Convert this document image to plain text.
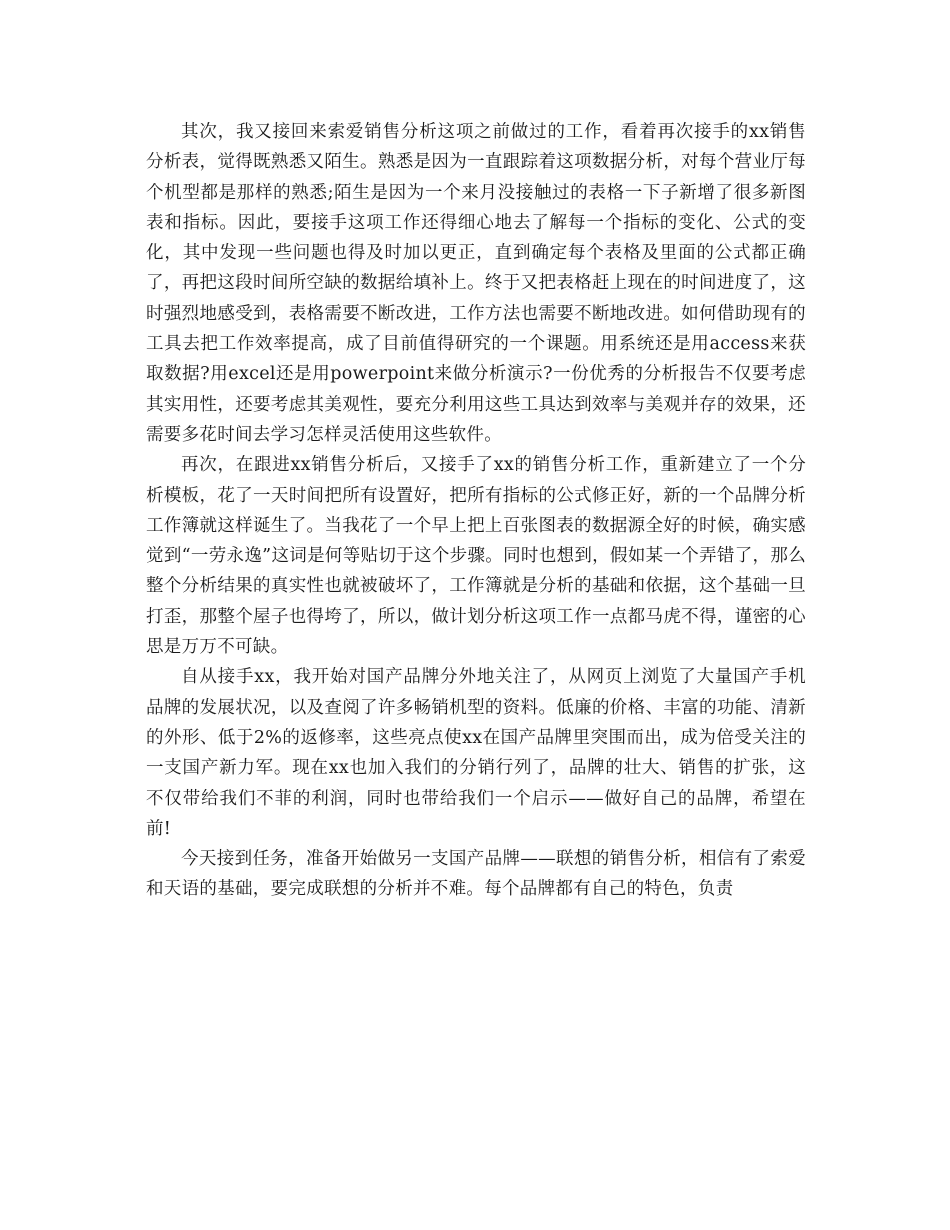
其次，我又接回来索爱销售分析这项之前做过的工作，看着再次接手的xx销售分析表，觉得既熟悉又陌生。熟悉是因为一直跟踪着这项数据分析，对每个营业厅每个机型都是那样的熟悉;陌生是因为一个来月没接触过的表格一下子新增了很多新图表和指标。因此，要接手这项工作还得细心地去了解每一个指标的变化、公式的变化，其中发现一些问题也得及时加以更正，直到确定每个表格及里面的公式都正确了，再把这段时间所空缺的数据给填补上。终于又把表格赶上现在的时间进度了，这时强烈地感受到，表格需要不断改进，工作方法也需要不断地改进。如何借助现有的工具去把工作效率提高，成了目前值得研究的一个课题。用系统还是用access来获取数据?用excel还是用powerpoint来做分析演示?一份优秀的分析报告不仅要考虑其实用性，还要考虑其美观性，要充分利用这些工具达到效率与美观并存的效果，还需要多花时间去学习怎样灵活使用这些软件。

再次，在跟进xx销售分析后，又接手了xx的销售分析工作，重新建立了一个分析模板，花了一天时间把所有设置好，把所有指标的公式修正好，新的一个品牌分析工作簿就这样诞生了。当我花了一个早上把上百张图表的数据源全好的时候，确实感觉到“一劳永逸”这词是何等贴切于这个步骤。同时也想到，假如某一个弄错了，那么整个分析结果的真实性也就被破坏了，工作簿就是分析的基础和依据，这个基础一旦打歪，那整个屋子也得垮了，所以，做计划分析这项工作一点都马虎不得，谨密的心思是万万不可缺。

自从接手xx，我开始对国产品牌分外地关注了，从网页上浏览了大量国产手机品牌的发展状况，以及查阅了许多畅销机型的资料。低廉的价格、丰富的功能、清新的外形、低于2%的返修率，这些亮点使xx在国产品牌里突围而出，成为倍受关注的一支国产新力军。现在xx也加入我们的分销行列了，品牌的壮大、销售的扩张，这不仅带给我们不菲的利润，同时也带给我们一个启示——做好自己的品牌，希望在前!

今天接到任务，准备开始做另一支国产品牌——联想的销售分析，相信有了索爱和天语的基础，要完成联想的分析并不难。每个品牌都有自己的特色，负责
